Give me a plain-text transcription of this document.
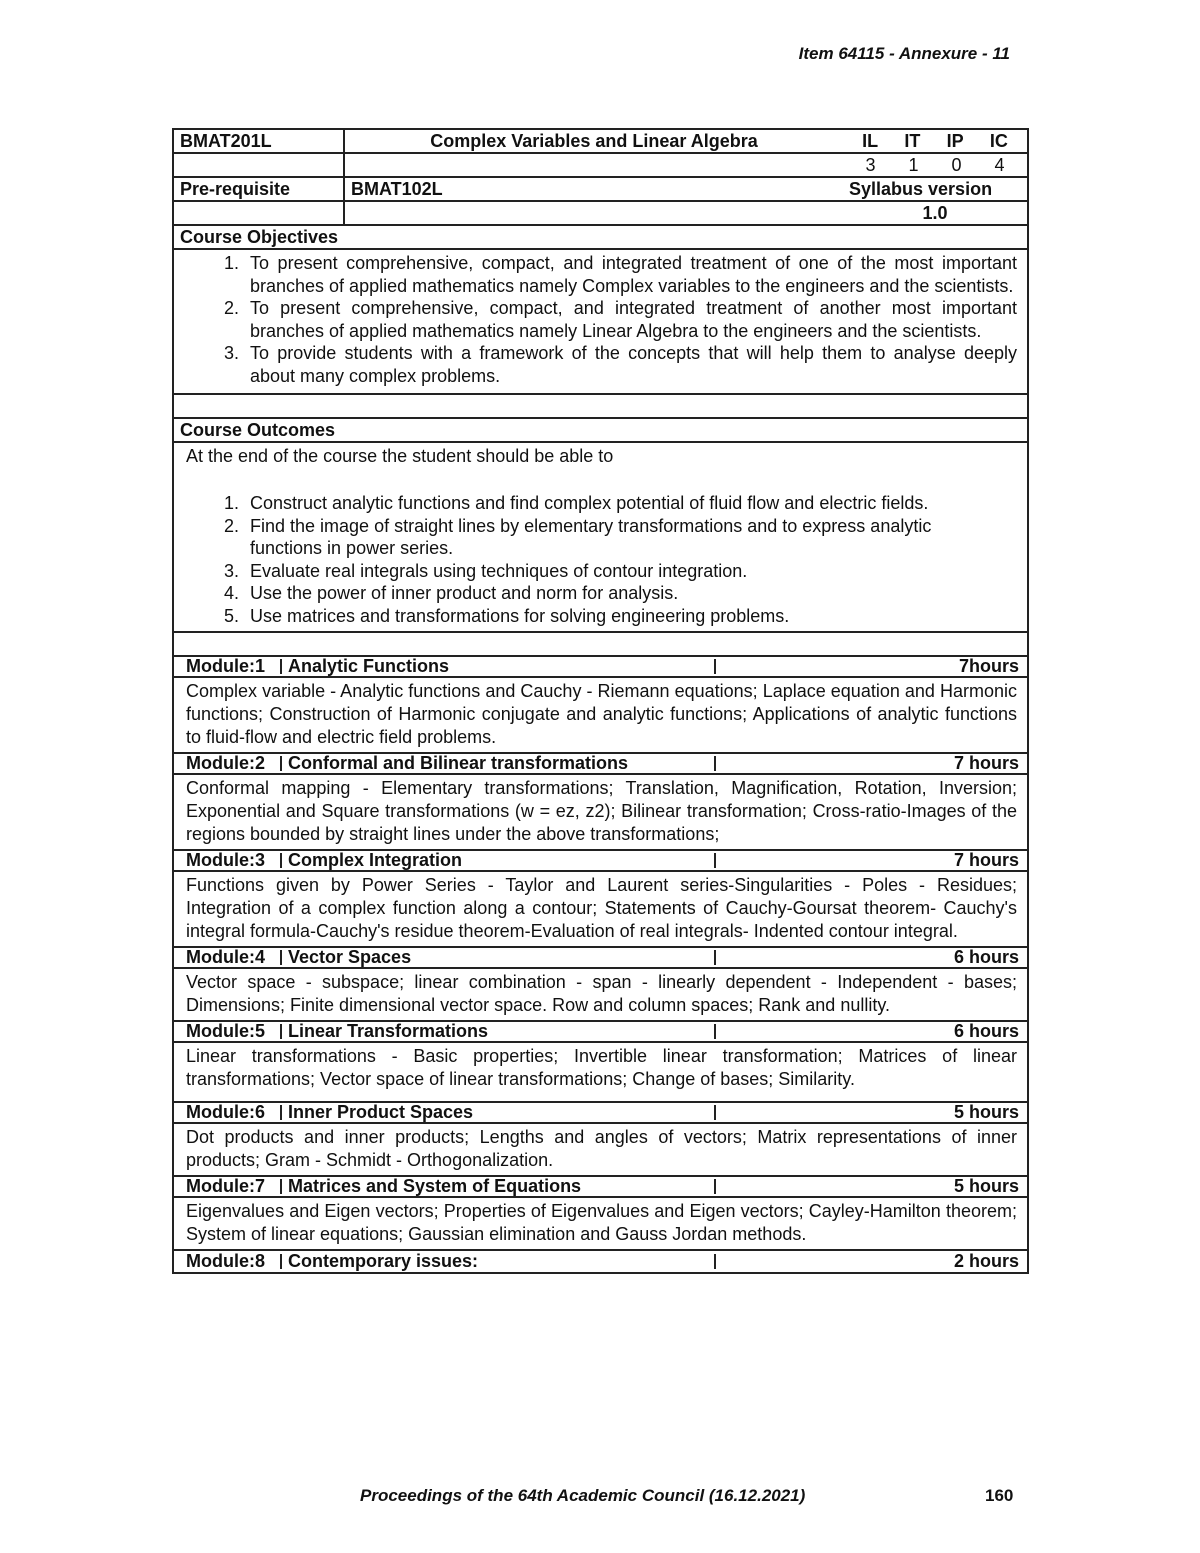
Item 64115 - Annexure - 11
BMAT201L	Complex Variables and Linear Algebra	IL IT IP IC
3 1 0 4
Pre-requisite	BMAT102L	Syllabus version
1.0
Course Objectives
1. To present comprehensive, compact, and integrated treatment of one of the most important branches of applied mathematics namely Complex variables to the engineers and the scientists.
2. To present comprehensive, compact, and integrated treatment of another most important branches of applied mathematics namely Linear Algebra to the engineers and the scientists.
3. To provide students with a framework of the concepts that will help them to analyse deeply about many complex problems.
Course Outcomes
At the end of the course the student should be able to
1. Construct analytic functions and find complex potential of fluid flow and electric fields.
2. Find the image of straight lines by elementary transformations and to express analytic functions in power series.
3. Evaluate real integrals using techniques of contour integration.
4. Use the power of inner product and norm for analysis.
5. Use matrices and transformations for solving engineering problems.
Module:1	Analytic Functions	7hours
Complex variable - Analytic functions and Cauchy - Riemann equations; Laplace equation and Harmonic functions; Construction of Harmonic conjugate and analytic functions; Applications of analytic functions to fluid-flow and electric field problems.
Module:2	Conformal and Bilinear transformations	7 hours
Conformal mapping - Elementary transformations; Translation, Magnification, Rotation, Inversion; Exponential and Square transformations (w = ez, z2); Bilinear transformation; Cross-ratio-Images of the regions bounded by straight lines under the above transformations;
Module:3	Complex Integration	7 hours
Functions given by Power Series - Taylor and Laurent series-Singularities - Poles - Residues; Integration of a complex function along a contour; Statements of Cauchy-Goursat theorem- Cauchy's integral formula-Cauchy's residue theorem-Evaluation of real integrals- Indented contour integral.
Module:4	Vector Spaces	6 hours
Vector space - subspace; linear combination - span - linearly dependent - Independent - bases; Dimensions; Finite dimensional vector space. Row and column spaces; Rank and nullity.
Module:5	Linear Transformations	6 hours
Linear transformations - Basic properties; Invertible linear transformation; Matrices of linear transformations; Vector space of linear transformations; Change of bases; Similarity.
Module:6	Inner Product Spaces	5 hours
Dot products and inner products; Lengths and angles of vectors; Matrix representations of inner products; Gram - Schmidt - Orthogonalization.
Module:7	Matrices and System of Equations	5 hours
Eigenvalues and Eigen vectors; Properties of Eigenvalues and Eigen vectors; Cayley-Hamilton theorem; System of linear equations; Gaussian elimination and Gauss Jordan methods.
Module:8	Contemporary issues:	2 hours
Proceedings of the 64th Academic Council (16.12.2021)	160
